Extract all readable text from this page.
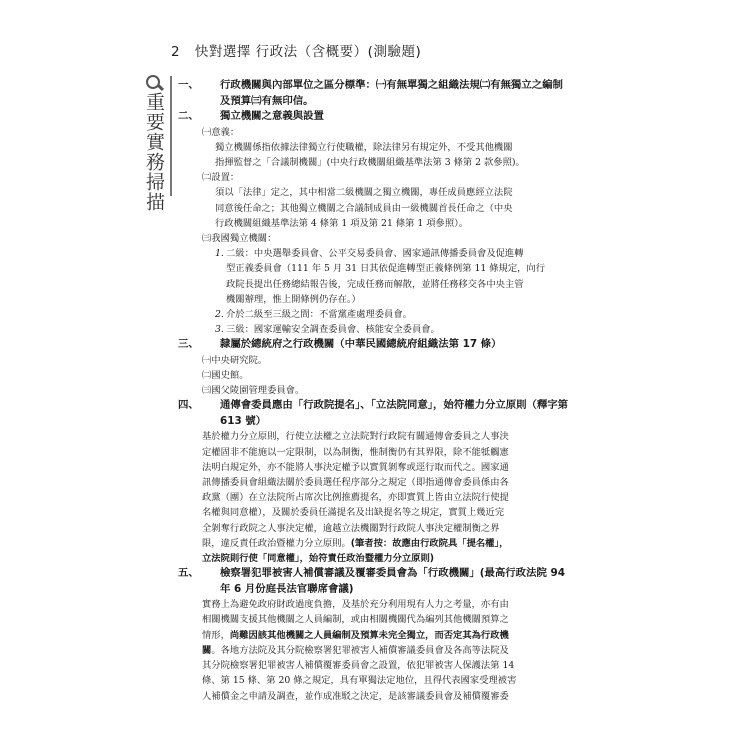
2 快對選擇 行政法（含概要）(測驗題)
重要實務掃描
一、 行政機關與內部單位之區分標準：㈠有無單獨之組織法規㈡有無獨立之編制
及預算㈢有無印信。
二、 獨立機關之意義與設置
㈠意義：
獨立機關係指依據法律獨立行使職權，除法律另有規定外，不受其他機關
指揮監督之「合議制機關」(中央行政機關組織基準法第 3 條第 2 款參照)。
㈡設置：
須以「法律」定之，其中相當二級機關之獨立機關，專任成員應經立法院
同意後任命之；其他獨立機關之合議制成員由一級機關首長任命之（中央
行政機關組織基準法第 4 條第 1 項及第 21 條第 1 項參照）。
㈢我國獨立機關：
1. 二級：中央選舉委員會、公平交易委員會、國家通訊傳播委員會及促進轉
型正義委員會（111 年 5 月 31 日其依促進轉型正義條例第 11 條規定，向行
政院長提出任務總結報告後，完成任務而解散，並將任務移交各中央主管
機關辦理，惟上開條例仍存在。）
2. 介於二級至三級之間：不當黨產處理委員會。
3. 三級：國家運輸安全調查委員會、核能安全委員會。
三、 隸屬於總統府之行政機關（中華民國總統府組織法第 17 條）
㈠中央研究院。
㈡國史館。
㈢國父陵園管理委員會。
四、 通傳會委員應由「行政院提名」、「立法院同意」，始符權力分立原則（釋字第
613 號）
基於權力分立原則，行使立法權之立法院對行政院有關通傳會委員之人事決
定權固非不能施以一定限制，以為制衡，惟制衡仍有其界限，除不能牴觸憲
法明白規定外，亦不能將人事決定權予以實質剝奪或逕行取而代之。國家通
訊傳播委員會組織法關於委員選任程序部分之規定（即指通傳會委員係由各
政黨（團）在立法院所占席次比例推薦提名，亦即實質上皆由立法院行使提
名權與同意權），及關於委員任滿提名及出缺提名等之規定，實質上幾近完
全剝奪行政院之人事決定權，逾越立法機關對行政院人事決定權制衡之界
限，違反責任政治暨權力分立原則。(筆者按：故應由行政院具「提名權」，
立法院則行使「同意權」，始符責任政治暨權力分立原則)
五、 檢察署犯罪被害人補償審議及覆審委員會為「行政機關」(最高行政法院 94
年 6 月份庭長法官聯席會議)
實務上為避免政府財政過度負擔，及基於充分利用現有人力之考量，亦有由
相關機關支援其他機關之人員編制，或由相關機關代為編列其他機關預算之
情形，尚難因該其他機關之人員編制及預算未完全獨立，而否定其為行政機
關。各地方法院及其分院檢察署犯罪被害人補償審議委員會及各高等法院及
其分院檢察署犯罪被害人補償覆審委員會之設置，依犯罪被害人保護法第 14
條、第 15 條、第 20 條之規定，具有單獨法定地位，且得代表國家受理被害
人補償金之申請及調查，並作成准駁之決定，是該審議委員會及補償覆審委
